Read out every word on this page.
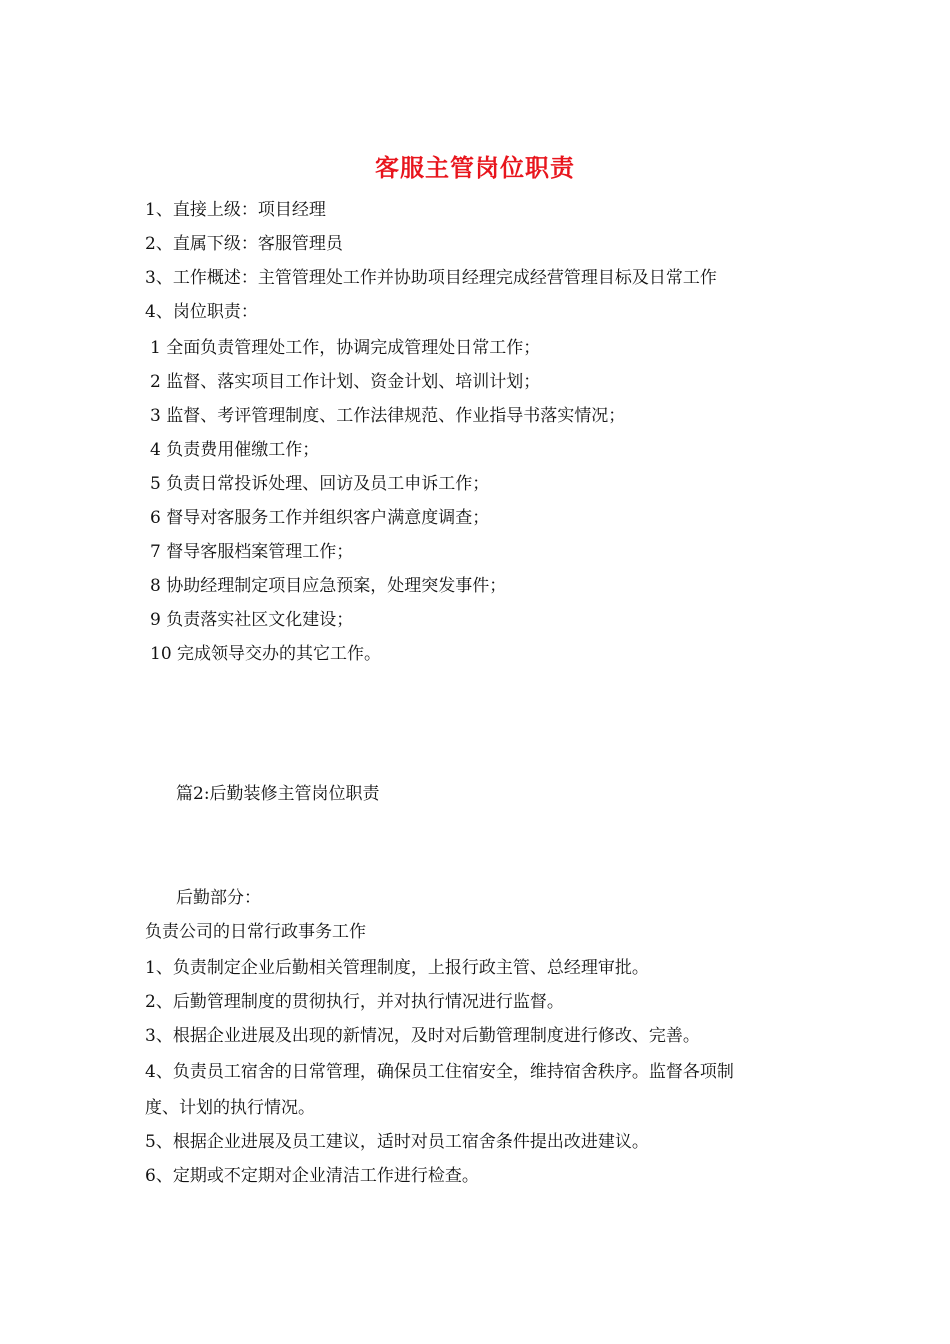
客服主管岗位职责
1、直接上级：项目经理
2、直属下级：客服管理员
3、工作概述：主管管理处工作并协助项目经理完成经营管理目标及日常工作
4、岗位职责：
1 全面负责管理处工作，协调完成管理处日常工作；
2 监督、落实项目工作计划、资金计划、培训计划；
3 监督、考评管理制度、工作法律规范、作业指导书落实情况；
4 负责费用催缴工作；
5 负责日常投诉处理、回访及员工申诉工作；
6 督导对客服务工作并组织客户满意度调查；
7 督导客服档案管理工作；
8 协助经理制定项目应急预案，处理突发事件；
9 负责落实社区文化建设；
10 完成领导交办的其它工作。
篇2:后勤装修主管岗位职责
后勤部分：
负责公司的日常行政事务工作
1、负责制定企业后勤相关管理制度，上报行政主管、总经理审批。
2、后勤管理制度的贯彻执行，并对执行情况进行监督。
3、根据企业进展及出现的新情况，及时对后勤管理制度进行修改、完善。
4、负责员工宿舍的日常管理，确保员工住宿安全，维持宿舍秩序。监督各项制
度、计划的执行情况。
5、根据企业进展及员工建议，适时对员工宿舍条件提出改进建议。
6、定期或不定期对企业清洁工作进行检查。
